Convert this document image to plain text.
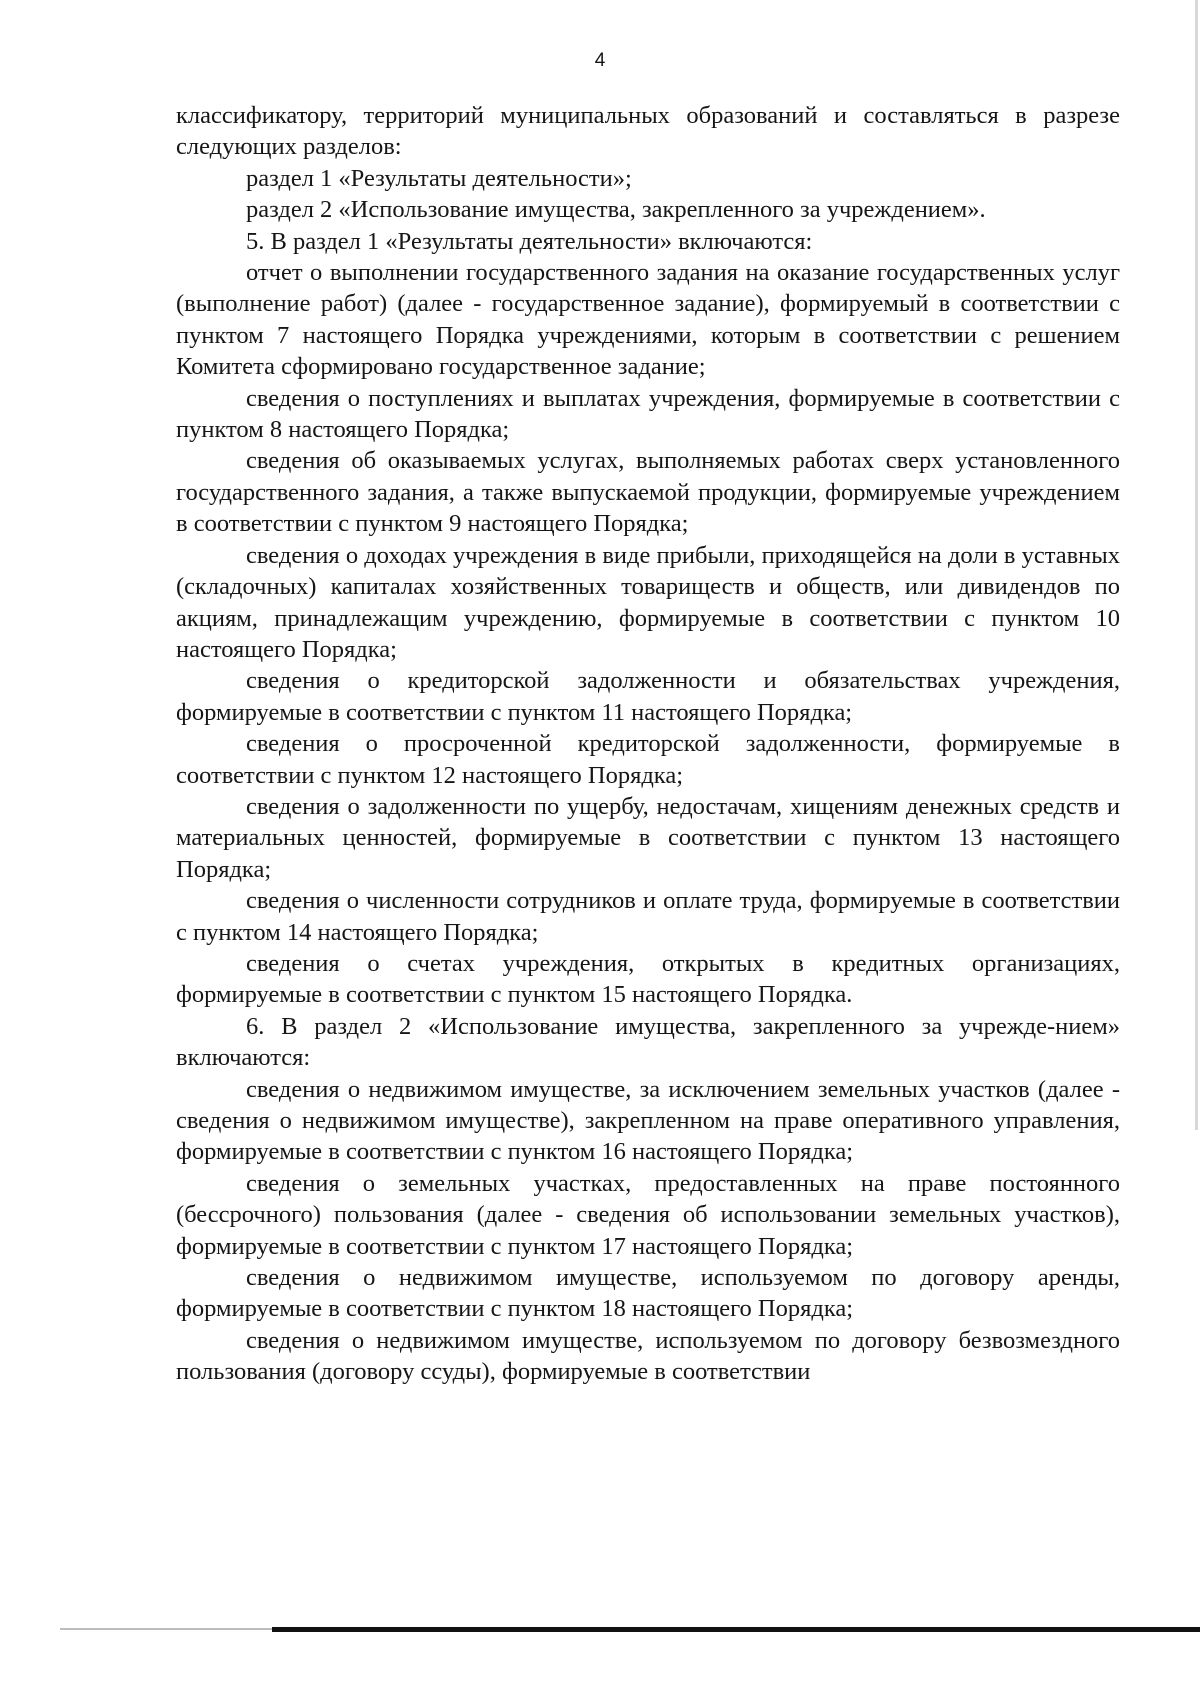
4

классификатору, территорий муниципальных образований и составляться в разрезе следующих разделов:

раздел 1 «Результаты деятельности»;

раздел 2 «Использование имущества, закрепленного за учреждением».

5. В раздел 1 «Результаты деятельности» включаются:

отчет о выполнении государственного задания на оказание государственных услуг (выполнение работ) (далее - государственное задание), формируемый в соответствии с пунктом 7 настоящего Порядка учреждениями, которым в соответствии с решением Комитета сформировано государственное задание;

сведения о поступлениях и выплатах учреждения, формируемые в соответствии с пунктом 8 настоящего Порядка;

сведения об оказываемых услугах, выполняемых работах сверх установленного государственного задания, а также выпускаемой продукции, формируемые учреждением в соответствии с пунктом 9 настоящего Порядка;

сведения о доходах учреждения в виде прибыли, приходящейся на доли в уставных (складочных) капиталах хозяйственных товариществ и обществ, или дивидендов по акциям, принадлежащим учреждению, формируемые в соответствии с пунктом 10 настоящего Порядка;

сведения о кредиторской задолженности и обязательствах учреждения, формируемые в соответствии с пунктом 11 настоящего Порядка;

сведения о просроченной кредиторской задолженности, формируемые в соответствии с пунктом 12 настоящего Порядка;

сведения о задолженности по ущербу, недостачам, хищениям денежных средств и материальных ценностей, формируемые в соответствии с пунктом 13 настоящего Порядка;

сведения о численности сотрудников и оплате труда, формируемые в соответствии с пунктом 14 настоящего Порядка;

сведения о счетах учреждения, открытых в кредитных организациях, формируемые в соответствии с пунктом 15 настоящего Порядка.

6. В раздел 2 «Использование имущества, закрепленного за учрежде-нием» включаются:

сведения о недвижимом имуществе, за исключением земельных участков (далее - сведения о недвижимом имуществе), закрепленном на праве оперативного управления, формируемые в соответствии с пунктом 16 настоящего Порядка;

сведения о земельных участках, предоставленных на праве постоянного (бессрочного) пользования (далее - сведения об использовании земельных участков), формируемые в соответствии с пунктом 17 настоящего Порядка;

сведения о недвижимом имуществе, используемом по договору аренды, формируемые в соответствии с пунктом 18 настоящего Порядка;

сведения о недвижимом имуществе, используемом по договору безвозмездного пользования (договору ссуды), формируемые в соответствии
